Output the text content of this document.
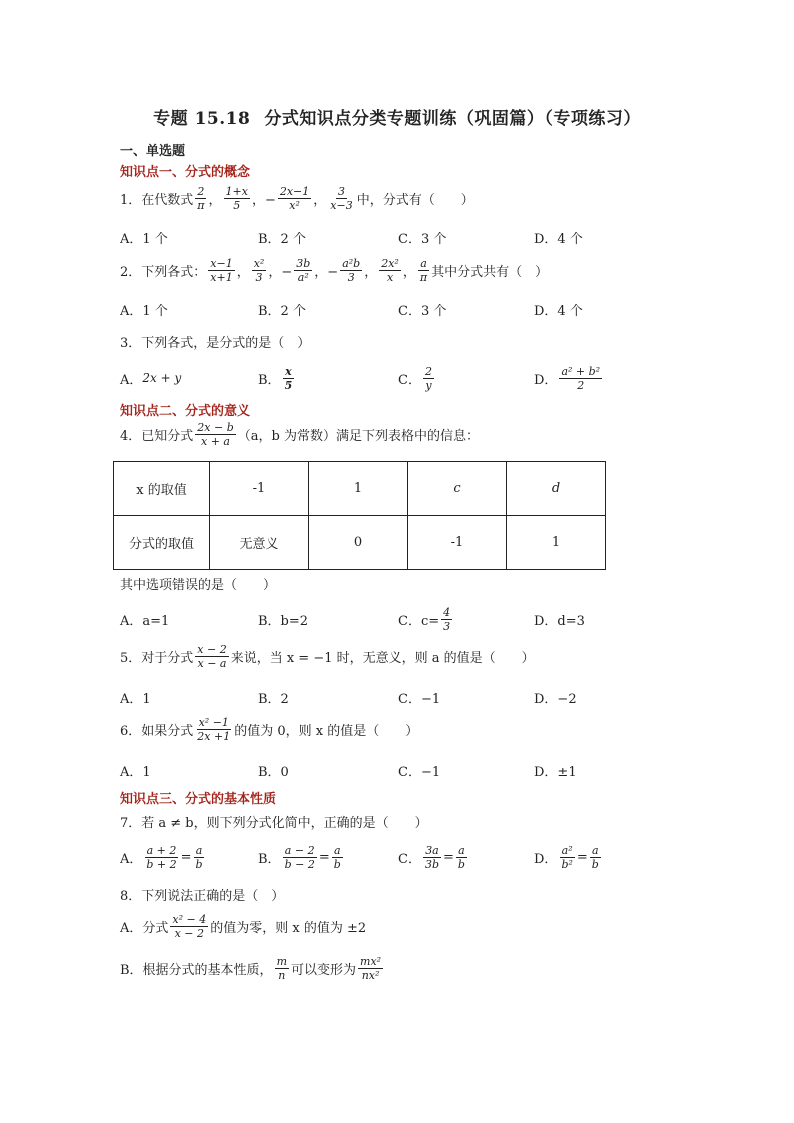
专题 15.18 分式知识点分类专题训练（巩固篇）（专项练习）
一、单选题
知识点一、分式的概念
1．在代数式 $\frac{2}{\pi}$ ， $\frac{1+x}{5}$ ，− $\frac{2x-1}{\text{x²}}$ ， $\frac{3}{x-3}$ 中，分式有（　　）
A．1 个	B．2 个	C．3 个	D．4 个
2．下列各式： $\frac{x-1}{x+1}$ ， $\frac{\text{x²}}{3}$ ，− $\frac{3b}{\text{a²}}$ ，− $\frac{\text{a²b}}{3}$ ， $\frac{\text{2x²}}{x}$ ， $\frac{a}{\pi}$ 其中分式共有（　）
A．1 个	B．2 个	C．3 个	D．4 个
3．下列各式，是分式的是（　）
A． 2x + y	B． $\frac{x}{5}$	C． $\frac{2}{y}$	D． $\frac{\text{a² + b²}}{2}$
知识点二、分式的意义
4．已知分式 $\frac{2x - b}{x + a} (a$，b 为常数）满足下列表格中的信息：
x 的取值	-1	1	c	d
分式的取值	无意义	0	-1	1
其中选项错误的是（　　）
A．a=1	B．b=2	C．$c= \frac{4}{3}$	D．d=3
5．对于分式 $\frac{x - 2}{x - a}$ 来说，当 x = −1 时，无意义，则 a 的值是（　　）
A．1	B．2	C．−1	D．−2
6．如果分式 $\frac{\text{x² −1}}{2x +1}$ 的值为 0，则 x 的值是（　　）
A．1	B．0	C．−1	D．±1
知识点三、分式的基本性质
7．若 a ≠ b，则下列分式化简中，正确的是（　　）
A． $\frac{a + 2}{b + 2} = \frac{a}{b}$	B． $\frac{a - 2}{b - 2} = \frac{a}{b}$	C． $\frac{3a}{3b} = \frac{a}{b}$	D． $\frac{\text{a²}}{\text{b²}} = \frac{a}{b}$
8．下列说法正确的是（　）
A．分式 $\frac{\text{x² − 4}}{x - 2}$ 的值为零，则 x 的值为 ±2
B．根据分式的基本性质， $\frac{m}{n}$ 可以变形为 $\frac{\text{mx²}}{\text{nx²}}$
